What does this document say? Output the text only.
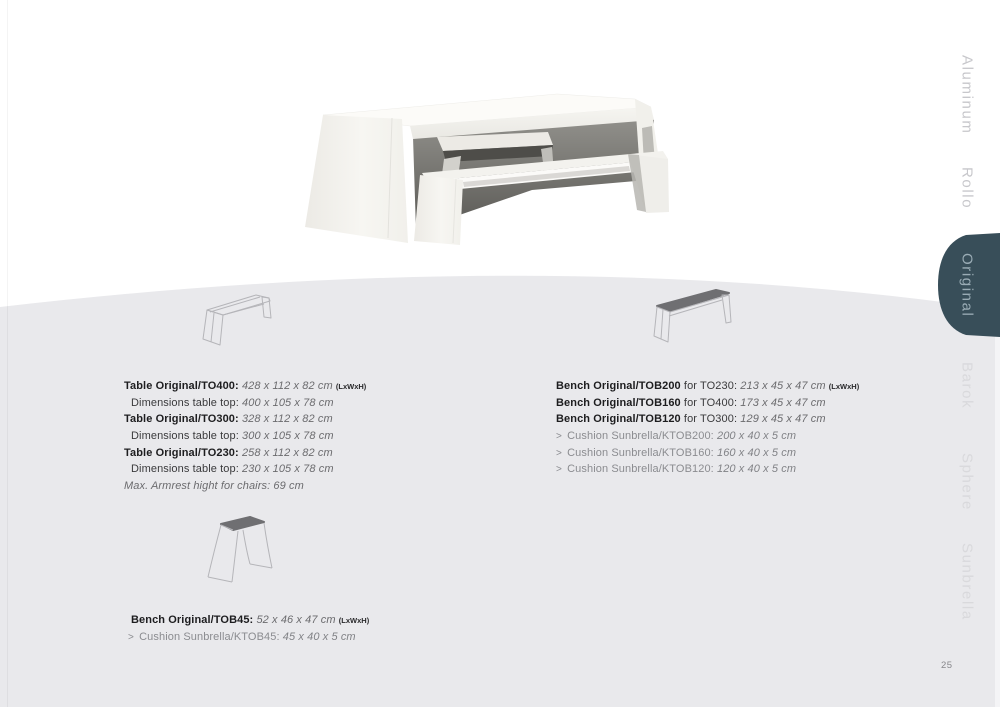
Table Original/TO400: 428 x 112 x 82 cm (LxWxH)
Dimensions table top: 400 x 105 x 78 cm
Table Original/TO300: 328 x 112 x 82 cm
Dimensions table top: 300 x 105 x 78 cm
Table Original/TO230: 258 x 112 x 82 cm
Dimensions table top: 230 x 105 x 78 cm
Max. Armrest hight for chairs: 69 cm
Bench Original/TOB200 for TO230: 213 x 45 x 47 cm (LxWxH)
Bench Original/TOB160 for TO400: 173 x 45 x 47 cm
Bench Original/TOB120 for TO300: 129 x 45 x 47 cm
> Cushion Sunbrella/KTOB200: 200 x 40 x 5 cm
> Cushion Sunbrella/KTOB160: 160 x 40 x 5 cm
> Cushion Sunbrella/KTOB120: 120 x 40 x 5 cm
Bench Original/TOB45: 52 x 46 x 47 cm (LxWxH)
> Cushion Sunbrella/KTOB45: 45 x 40 x 5 cm
Aluminum
Rollo
Original
Barok
Sphere
Sunbrella
25
